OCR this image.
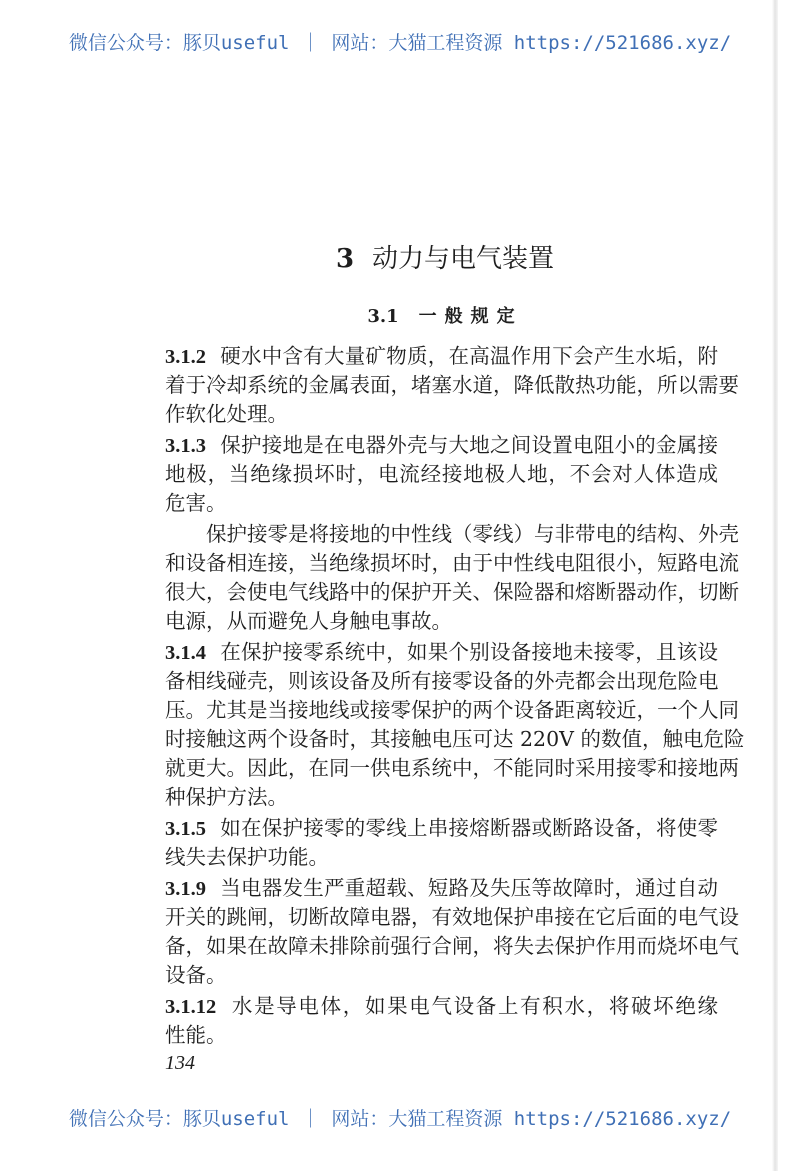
微信公众号：豚贝useful ｜ 网站：大猫工程资源 https://521686.xyz/
3 动力与电气装置
3.1 一般规定
3.1.2 硬水中含有大量矿物质，在高温作用下会产生水垢，附
着于冷却系统的金属表面，堵塞水道，降低散热功能，所以需要
作软化处理。
3.1.3 保护接地是在电器外壳与大地之间设置电阻小的金属接
地极，当绝缘损坏时，电流经接地极人地，不会对人体造成
危害。
保护接零是将接地的中性线（零线）与非带电的结构、外壳
和设备相连接，当绝缘损坏时，由于中性线电阻很小，短路电流
很大，会使电气线路中的保护开关、保险器和熔断器动作，切断
电源，从而避免人身触电事故。
3.1.4 在保护接零系统中，如果个别设备接地未接零，且该设
备相线碰壳，则该设备及所有接零设备的外壳都会出现危险电
压。尤其是当接地线或接零保护的两个设备距离较近，一个人同
时接触这两个设备时，其接触电压可达 220V 的数值，触电危险
就更大。因此，在同一供电系统中，不能同时采用接零和接地两
种保护方法。
3.1.5 如在保护接零的零线上串接熔断器或断路设备，将使零
线失去保护功能。
3.1.9 当电器发生严重超载、短路及失压等故障时，通过自动
开关的跳闸，切断故障电器，有效地保护串接在它后面的电气设
备，如果在故障未排除前强行合闸，将失去保护作用而烧坏电气
设备。
3.1.12 水是导电体，如果电气设备上有积水，将破坏绝缘
性能。
134
微信公众号：豚贝useful ｜ 网站：大猫工程资源 https://521686.xyz/
